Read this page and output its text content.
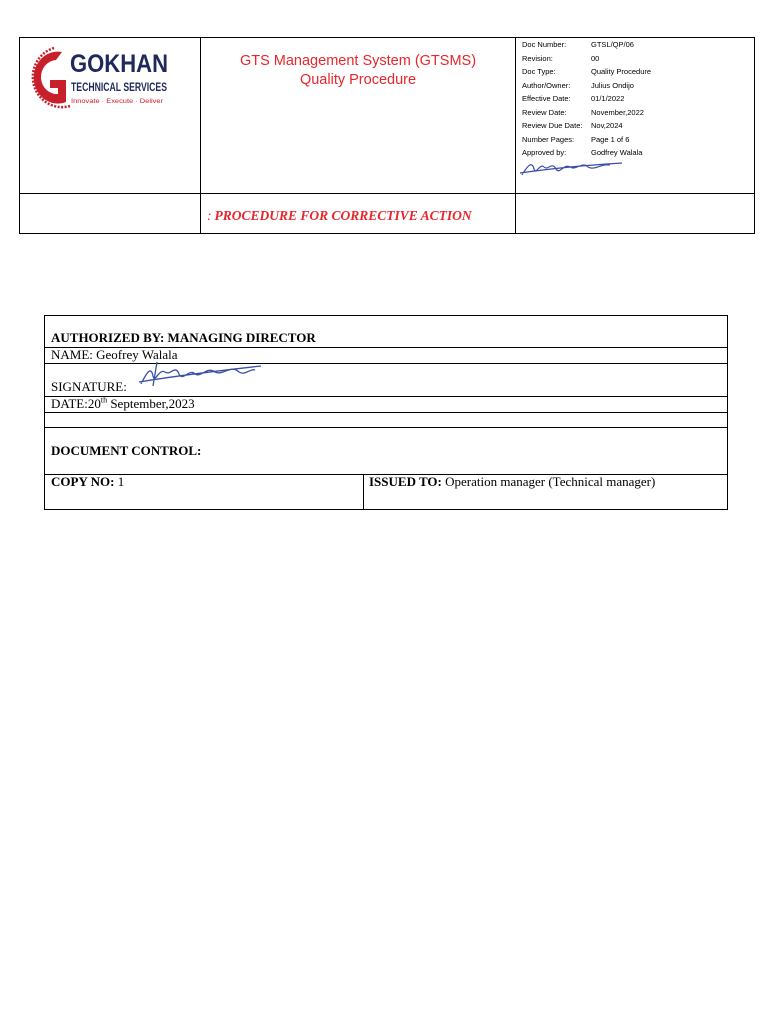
GOKHAN
TECHNICAL SERVICES
Innovate · Execute · Deliver
GTS Management System (GTSMS)
Quality Procedure
Doc Number:	GTSL/QP/06
Revision:	00
Doc Type:	Quality Procedure
Author/Owner:	Julius Ondijo
Effective Date:	01/1/2022
Review Date:	November,2022
Review Due Date:	Nov,2024
Number Pages:	Page 1 of 6
Approved by:	Godfrey Walala
: PROCEDURE FOR CORRECTIVE ACTION
AUTHORIZED BY: MANAGING DIRECTOR
NAME: Geofrey Walala
SIGNATURE:
DATE:20th September,2023
DOCUMENT CONTROL:
COPY NO: 1	ISSUED TO: Operation manager (Technical manager)
